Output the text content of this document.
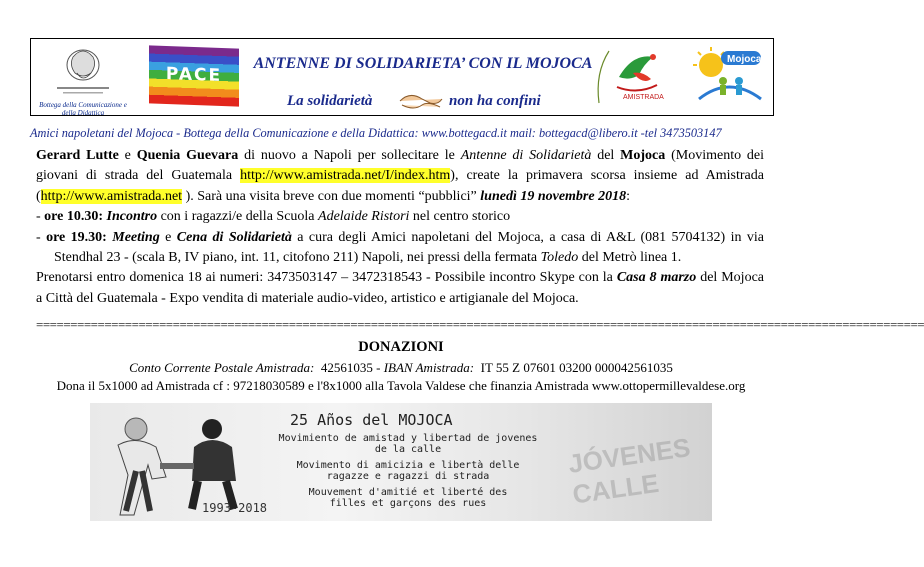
Bottega della Comunicazione e della Didattica
PACE
ANTENNE DI SOLIDARIETA’ CON IL MOJOCA
La solidarietà	non ha confini	AMISTRADA
Mojoca
Amici napoletani del Mojoca - Bottega della Comunicazione e della Didattica: www.bottegacd.it mail: bottegacd@libero.it -tel 3473503147

Gerard Lutte e Quenia Guevara di nuovo a Napoli per sollecitare le Antenne di Solidarietà del Mojoca (Movimento dei giovani di strada del Guatemala http://www.amistrada.net/I/index.htm), create la primavera scorsa insieme ad Amistrada (http://www.amistrada.net ). Sarà una visita breve con due momenti “pubblici” lunedì 19 novembre 2018:

- ore 10.30: Incontro con i ragazzi/e della Scuola Adelaide Ristori nel centro storico
- ore 19.30: Meeting e Cena di Solidarietà a cura degli Amici napoletani del Mojoca, a casa di A&L (081 5704132) in via Stendhal 23 - (scala B, IV piano, int. 11, citofono 211) Napoli, nei pressi della fermata Toledo del Metrò linea 1.

Prenotarsi entro domenica 18 ai numeri: 3473503147 – 3472318543 - Possibile incontro Skype con la Casa 8 marzo del Mojoca a Città del Guatemala - Expo vendita di materiale audio-video, artistico e artigianale del Mojoca.

==================================================================================================================================
DONAZIONI
Conto Corrente Postale Amistrada: 42561035 - IBAN Amistrada: IT 55 Z 07601 03200 000042561035
Dona il 5x1000 ad Amistrada cf : 97218030589 e l'8x1000 alla Tavola Valdese che finanzia Amistrada www.ottopermillevaldese.org
1993-2018
25 Años del MOJOCA
Movimiento de amistad y libertad de jovenes
de la calle
Movimento di amicizia e libertà delle
ragazze e ragazzi di strada
Mouvement d'amitié et liberté des
filles et garçons des rues
JÓVENES CALLE
